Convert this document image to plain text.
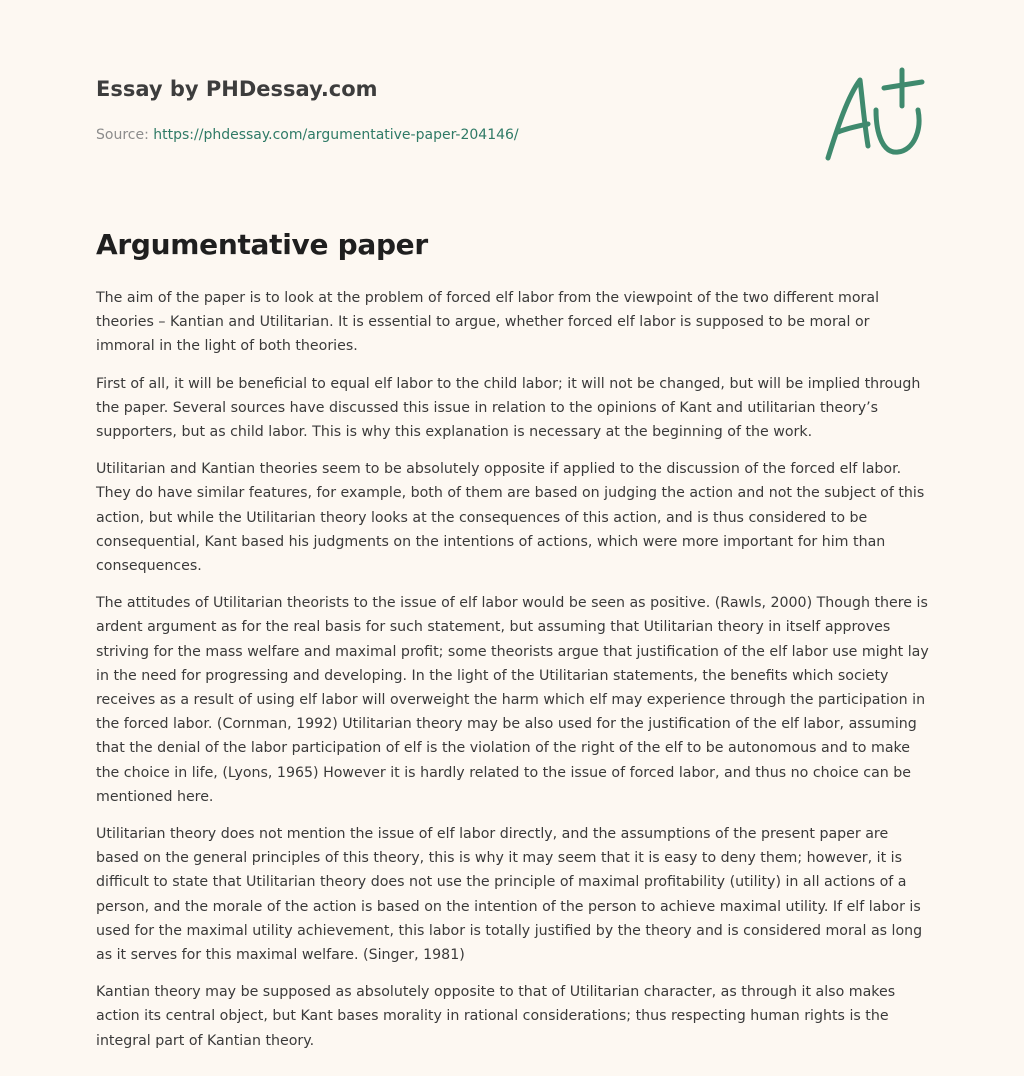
Essay by PHDessay.com
Source: https://phdessay.com/argumentative-paper-204146/
Argumentative paper

The aim of the paper is to look at the problem of forced elf labor from the viewpoint of the two different moral theories – Kantian and Utilitarian. It is essential to argue, whether forced elf labor is supposed to be moral or immoral in the light of both theories.

First of all, it will be beneficial to equal elf labor to the child labor; it will not be changed, but will be implied through the paper. Several sources have discussed this issue in relation to the opinions of Kant and utilitarian theory’s supporters, but as child labor. This is why this explanation is necessary at the beginning of the work.

Utilitarian and Kantian theories seem to be absolutely opposite if applied to the discussion of the forced elf labor. They do have similar features, for example, both of them are based on judging the action and not the subject of this action, but while the Utilitarian theory looks at the consequences of this action, and is thus considered to be consequential, Kant based his judgments on the intentions of actions, which were more important for him than consequences.

The attitudes of Utilitarian theorists to the issue of elf labor would be seen as positive. (Rawls, 2000) Though there is ardent argument as for the real basis for such statement, but assuming that Utilitarian theory in itself approves striving for the mass welfare and maximal profit; some theorists argue that justification of the elf labor use might lay in the need for progressing and developing. In the light of the Utilitarian statements, the benefits which society receives as a result of using elf labor will overweight the harm which elf may experience through the participation in the forced labor. (Cornman, 1992) Utilitarian theory may be also used for the justification of the elf labor, assuming that the denial of the labor participation of elf is the violation of the right of the elf to be autonomous and to make the choice in life, (Lyons, 1965) However it is hardly related to the issue of forced labor, and thus no choice can be mentioned here.

Utilitarian theory does not mention the issue of elf labor directly, and the assumptions of the present paper are based on the general principles of this theory, this is why it may seem that it is easy to deny them; however, it is difficult to state that Utilitarian theory does not use the principle of maximal profitability (utility) in all actions of a person, and the morale of the action is based on the intention of the person to achieve maximal utility. If elf labor is used for the maximal utility achievement, this labor is totally justified by the theory and is considered moral as long as it serves for this maximal welfare. (Singer, 1981)

Kantian theory may be supposed as absolutely opposite to that of Utilitarian character, as through it also makes action its central object, but Kant bases morality in rational considerations; thus respecting human rights is the integral part of Kantian theory.
